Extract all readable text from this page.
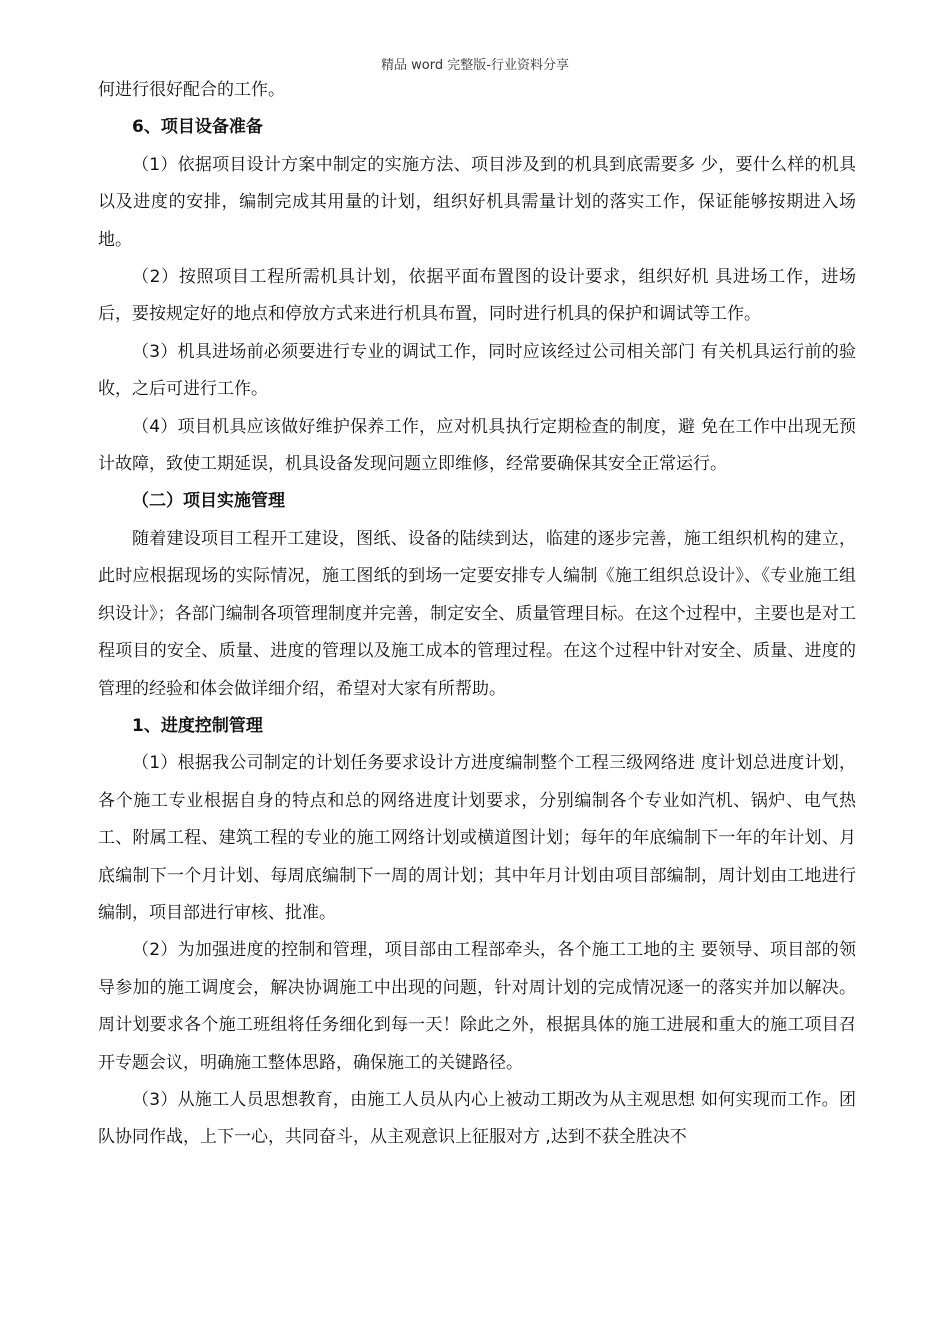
精品 word 完整版-行业资料分享

何进行很好配合的工作。

6、项目设备准备

（1）依据项目设计方案中制定的实施方法、项目涉及到的机具到底需要多 少，要什么样的机具以及进度的安排，编制完成其用量的计划，组织好机具需量计划的落实工作，保证能够按期进入场地。

（2）按照项目工程所需机具计划，依据平面布置图的设计要求，组织好机 具进场工作，进场后，要按规定好的地点和停放方式来进行机具布置，同时进行机具的保护和调试等工作。

（3）机具进场前必须要进行专业的调试工作，同时应该经过公司相关部门 有关机具运行前的验收，之后可进行工作。

（4）项目机具应该做好维护保养工作，应对机具执行定期检查的制度，避 免在工作中出现无预计故障，致使工期延误，机具设备发现问题立即维修，经常要确保其安全正常运行。

（二）项目实施管理

随着建设项目工程开工建设，图纸、设备的陆续到达，临建的逐步完善，施工组织机构的建立，此时应根据现场的实际情况，施工图纸的到场一定要安排专人编制《施工组织总设计》、《专业施工组织设计》；各部门编制各项管理制度并完善，制定安全、质量管理目标。在这个过程中，主要也是对工程项目的安全、质量、进度的管理以及施工成本的管理过程。在这个过程中针对安全、质量、进度的管理的经验和体会做详细介绍，希望对大家有所帮助。

1、进度控制管理

（1）根据我公司制定的计划任务要求设计方进度编制整个工程三级网络进 度计划总进度计划，各个施工专业根据自身的特点和总的网络进度计划要求，分别编制各个专业如汽机、锅炉、电气热工、附属工程、建筑工程的专业的施工网络计划或横道图计划；每年的年底编制下一年的年计划、月底编制下一个月计划、每周底编制下一周的周计划；其中年月计划由项目部编制，周计划由工地进行编制，项目部进行审核、批准。

（2）为加强进度的控制和管理，项目部由工程部牵头，各个施工工地的主 要领导、项目部的领导参加的施工调度会，解决协调施工中出现的问题，针对周计划的完成情况逐一的落实并加以解决。周计划要求各个施工班组将任务细化到每一天！除此之外，根据具体的施工进展和重大的施工项目召开专题会议，明确施工整体思路，确保施工的关键路径。

（3）从施工人员思想教育，由施工人员从内心上被动工期改为从主观思想 如何实现而工作。团队协同作战，上下一心，共同奋斗，从主观意识上征服对方 ,达到不获全胜决不
